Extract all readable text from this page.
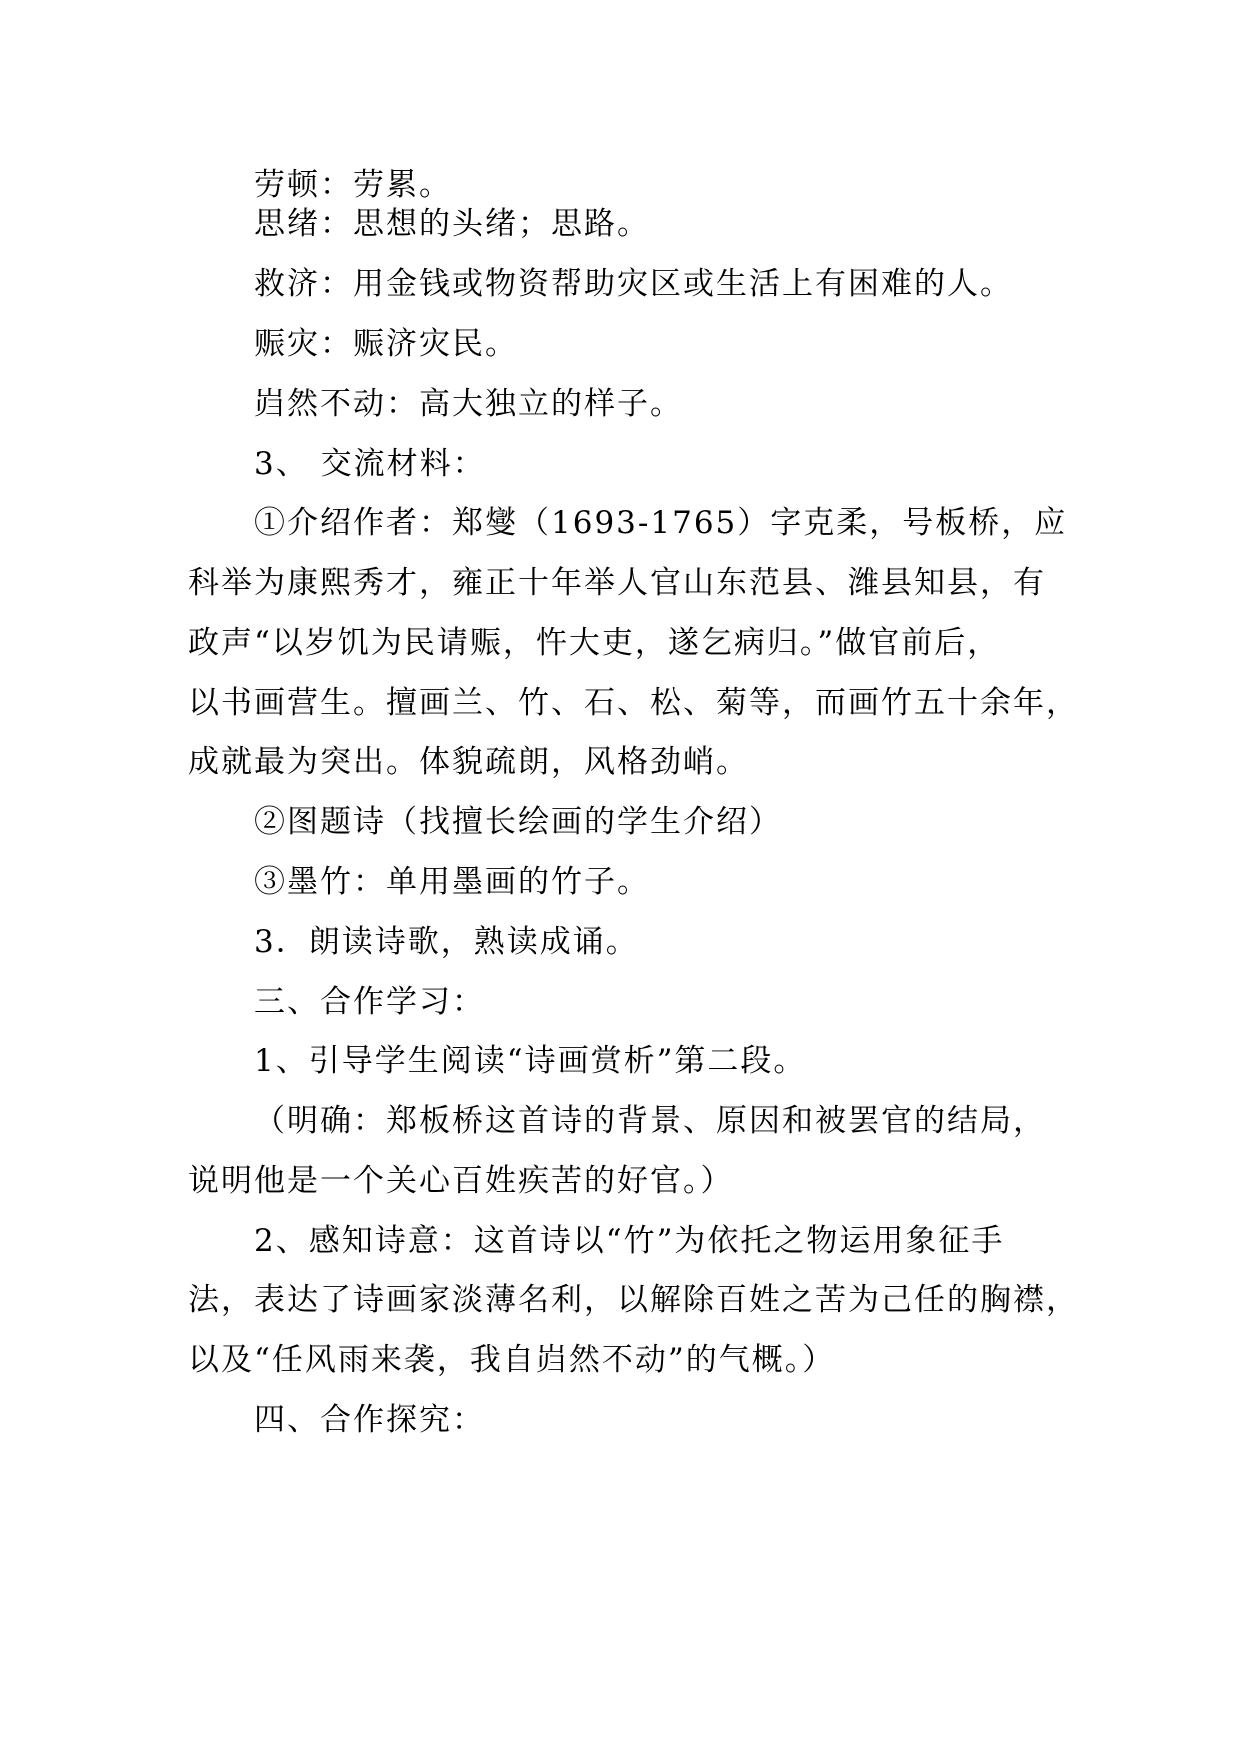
劳顿：劳累。
思绪：思想的头绪；思路。
救济：用金钱或物资帮助灾区或生活上有困难的人。
赈灾：赈济灾民。
岿然不动：高大独立的样子。
3、 交流材料：
①介绍作者：郑燮（1693-1765）字克柔，号板桥，应
科举为康熙秀才，雍正十年举人官山东范县、潍县知县，有
政声“以岁饥为民请赈，忤大吏，遂乞病归。”做官前后，
以书画营生。擅画兰、竹、石、松、菊等，而画竹五十余年，
成就最为突出。体貌疏朗，风格劲峭。
②图题诗（找擅长绘画的学生介绍）
③墨竹：单用墨画的竹子。
3．朗读诗歌，熟读成诵。
三、合作学习：
1、引导学生阅读“诗画赏析”第二段。
（明确：郑板桥这首诗的背景、原因和被罢官的结局，
说明他是一个关心百姓疾苦的好官。）
2、感知诗意：这首诗以“竹”为依托之物运用象征手
法，表达了诗画家淡薄名利，以解除百姓之苦为己任的胸襟，
以及“任风雨来袭，我自岿然不动”的气概。）
四、合作探究：
